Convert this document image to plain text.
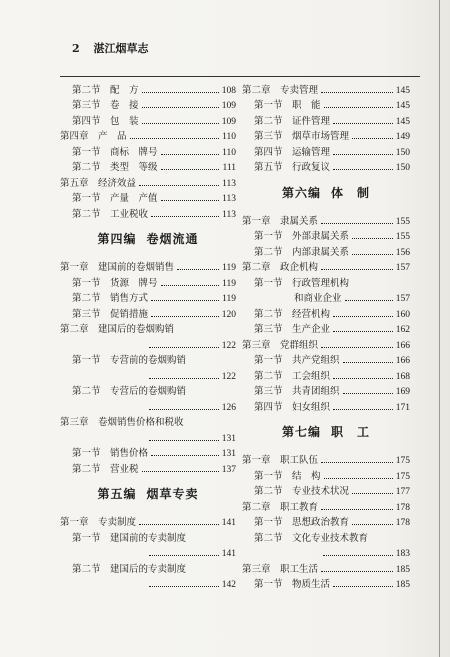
2 湛江烟草志
第二节　配　方	108
第三节　卷　接	109
第四节　包　装	109
第四章　产　品	110
第一节　商标　牌号	110
第二节　类型　等级	111
第五章　经济效益	113
第一节　产量　产值	113
第二节　工业税收	113
第四编 卷烟流通
第一章　建国前的卷烟销售	119
第一节　货源　牌号	119
第二节　销售方式	119
第三节　促销措施	120
第二章　建国后的卷烟购销
122
第一节　专营前的卷烟购销
122
第二节　专营后的卷烟购销
126
第三章　卷烟销售价格和税收
131
第一节　销售价格	131
第二节　营业税	137
第五编 烟草专卖
第一章　专卖制度	141
第一节　建国前的专卖制度
141
第二节　建国后的专卖制度
142
第二章　专卖管理	145
第一节　职　能	145
第二节　证件管理	145
第三节　烟草市场管理	149
第四节　运输管理	150
第五节　行政复议	150
第六编 体　制
第一章　隶属关系	155
第一节　外部隶属关系	155
第二节　内部隶属关系	156
第二章　政企机构	157
第一节　行政管理机构
和商业企业	157
第二节　经营机构	160
第三节　生产企业	162
第三章　党群组织	166
第一节　共产党组织	166
第二节　工会组织	168
第三节　共青团组织	169
第四节　妇女组织	171
第七编 职　工
第一章　职工队伍	175
第一节　结　构	175
第二节　专业技术状况	177
第二章　职工教育	178
第一节　思想政治教育	178
第二节　文化专业技术教育
183
第三章　职工生活	185
第一节　物质生活	185
